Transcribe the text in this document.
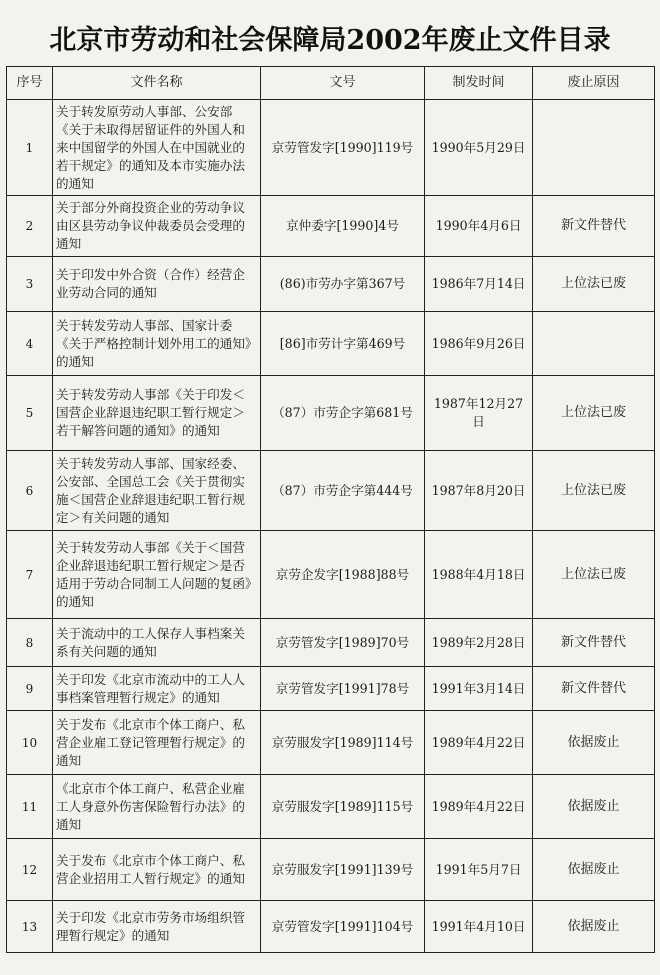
北京市劳动和社会保障局2002年废止文件目录
序号	文件名称	文号	制发时间	废止原因
1	关于转发原劳动人事部、公安部《关于未取得居留证件的外国人和来中国留学的外国人在中国就业的若干规定》的通知及本市实施办法的通知	京劳管发字[1990]119号	1990年5月29日	
2	关于部分外商投资企业的劳动争议由区县劳动争议仲裁委员会受理的通知	京仲委字[1990]4号	1990年4月6日	新文件替代
3	关于印发中外合资（合作）经营企业劳动合同的通知	(86)市劳办字第367号	1986年7月14日	上位法已废
4	关于转发劳动人事部、国家计委《关于严格控制计划外用工的通知》的通知	[86]市劳计字第469号	1986年9月26日	
5	关于转发劳动人事部《关于印发＜国营企业辞退违纪职工暂行规定＞若干解答问题的通知》的通知	（87）市劳企字第681号	1987年12月27日	上位法已废
6	关于转发劳动人事部、国家经委、公安部、全国总工会《关于贯彻实施＜国营企业辞退违纪职工暂行规定＞有关问题的通知	（87）市劳企字第444号	1987年8月20日	上位法已废
7	关于转发劳动人事部《关于＜国营企业辞退违纪职工暂行规定＞是否适用于劳动合同制工人问题的复函》的通知	京劳企发字[1988]88号	1988年4月18日	上位法已废
8	关于流动中的工人保存人事档案关系有关问题的通知	京劳管发字[1989]70号	1989年2月28日	新文件替代
9	关于印发《北京市流动中的工人人事档案管理暂行规定》的通知	京劳管发字[1991]78号	1991年3月14日	新文件替代
10	关于发布《北京市个体工商户、私营企业雇工登记管理暂行规定》的通知	京劳服发字[1989]114号	1989年4月22日	依据废止
11	《北京市个体工商户、私营企业雇工人身意外伤害保险暂行办法》的通知	京劳服发字[1989]115号	1989年4月22日	依据废止
12	关于发布《北京市个体工商户、私营企业招用工人暂行规定》的通知	京劳服发字[1991]139号	1991年5月7日	依据废止
13	关于印发《北京市劳务市场组织管理暂行规定》的通知	京劳管发字[1991]104号	1991年4月10日	依据废止
